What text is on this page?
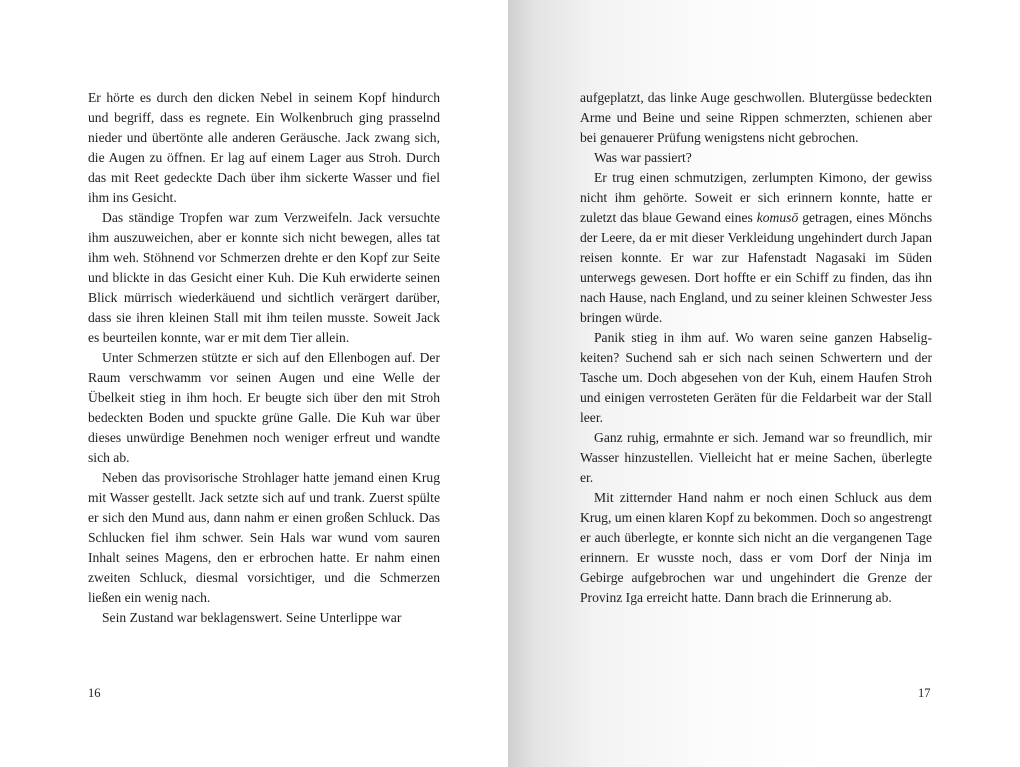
Er hörte es durch den dicken Nebel in seinem Kopf hindurch und begriff, dass es regnete. Ein Wolkenbruch ging prasselnd nieder und übertönte alle anderen Geräusche. Jack zwang sich, die Augen zu öffnen. Er lag auf einem Lager aus Stroh. Durch das mit Reet gedeckte Dach über ihm sickerte Wasser und fiel ihm ins Gesicht.

Das ständige Tropfen war zum Verzweifeln. Jack versuchte ihm auszuweichen, aber er konnte sich nicht bewegen, alles tat ihm weh. Stöhnend vor Schmerzen drehte er den Kopf zur Seite und blickte in das Gesicht einer Kuh. Die Kuh erwiderte seinen Blick mürrisch wiederkäuend und sichtlich verärgert darüber, dass sie ihren kleinen Stall mit ihm teilen musste. Soweit Jack es beurteilen konnte, war er mit dem Tier allein.

Unter Schmerzen stützte er sich auf den Ellenbogen auf. Der Raum verschwamm vor seinen Augen und eine Welle der Übelkeit stieg in ihm hoch. Er beugte sich über den mit Stroh bedeckten Boden und spuckte grüne Galle. Die Kuh war über dieses unwürdige Benehmen noch weniger erfreut und wandte sich ab.

Neben das provisorische Strohlager hatte jemand einen Krug mit Wasser gestellt. Jack setzte sich auf und trank. Zuerst spülte er sich den Mund aus, dann nahm er einen großen Schluck. Das Schlucken fiel ihm schwer. Sein Hals war wund vom sauren Inhalt seines Magens, den er erbrochen hatte. Er nahm einen zweiten Schluck, diesmal vorsichtiger, und die Schmerzen ließen ein wenig nach.

Sein Zustand war beklagenswert. Seine Unterlippe war

16

aufgeplatzt, das linke Auge geschwollen. Blutergüsse bedeckten Arme und Beine und seine Rippen schmerzten, schienen aber bei genauerer Prüfung wenigstens nicht gebrochen.

Was war passiert?

Er trug einen schmutzigen, zerlumpten Kimono, der gewiss nicht ihm gehörte. Soweit er sich erinnern konnte, hatte er zuletzt das blaue Gewand eines komusō getragen, eines Mönchs der Leere, da er mit dieser Verkleidung ungehindert durch Japan reisen konnte. Er war zur Hafenstadt Nagasaki im Süden unterwegs gewesen. Dort hoffte er ein Schiff zu finden, das ihn nach Hause, nach England, und zu seiner kleinen Schwester Jess bringen würde.

Panik stieg in ihm auf. Wo waren seine ganzen Habseligkeiten? Suchend sah er sich nach seinen Schwertern und der Tasche um. Doch abgesehen von der Kuh, einem Haufen Stroh und einigen verrosteten Geräten für die Feldarbeit war der Stall leer.

Ganz ruhig, ermahnte er sich. Jemand war so freundlich, mir Wasser hinzustellen. Vielleicht hat er meine Sachen, überlegte er.

Mit zitternder Hand nahm er noch einen Schluck aus dem Krug, um einen klaren Kopf zu bekommen. Doch so angestrengt er auch überlegte, er konnte sich nicht an die vergangenen Tage erinnern. Er wusste noch, dass er vom Dorf der Ninja im Gebirge aufgebrochen war und ungehindert die Grenze der Provinz Iga erreicht hatte. Dann brach die Erinnerung ab.

17
